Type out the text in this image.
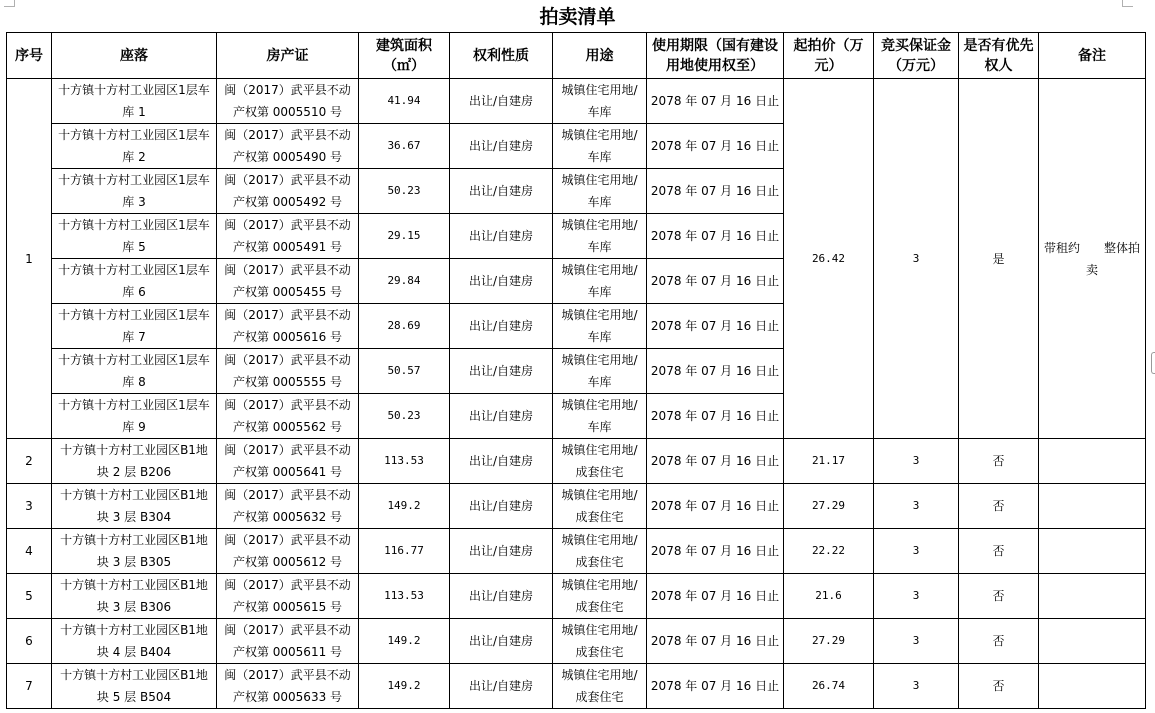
拍卖清单
序号	座落	房产证	建筑面积（㎡）	权利性质	用途	使用期限（国有建设用地使用权至）	起拍价（万元）	竞买保证金（万元）	是否有优先权人	备注
1	十方镇十方村工业园区1层车库 1	闽（2017）武平县不动产权第 0005510 号	41.94	出让/自建房	城镇住宅用地/车库	2078 年 07 月 16 日止	26.42	3	是	带租约　　整体拍卖
	十方镇十方村工业园区1层车库 2	闽（2017）武平县不动产权第 0005490 号	36.67	出让/自建房	城镇住宅用地/车库	2078 年 07 月 16 日止				
	十方镇十方村工业园区1层车库 3	闽（2017）武平县不动产权第 0005492 号	50.23	出让/自建房	城镇住宅用地/车库	2078 年 07 月 16 日止				
	十方镇十方村工业园区1层车库 5	闽（2017）武平县不动产权第 0005491 号	29.15	出让/自建房	城镇住宅用地/车库	2078 年 07 月 16 日止				
	十方镇十方村工业园区1层车库 6	闽（2017）武平县不动产权第 0005455 号	29.84	出让/自建房	城镇住宅用地/车库	2078 年 07 月 16 日止				
	十方镇十方村工业园区1层车库 7	闽（2017）武平县不动产权第 0005616 号	28.69	出让/自建房	城镇住宅用地/车库	2078 年 07 月 16 日止				
	十方镇十方村工业园区1层车库 8	闽（2017）武平县不动产权第 0005555 号	50.57	出让/自建房	城镇住宅用地/车库	2078 年 07 月 16 日止				
	十方镇十方村工业园区1层车库 9	闽（2017）武平县不动产权第 0005562 号	50.23	出让/自建房	城镇住宅用地/车库	2078 年 07 月 16 日止				
2	十方镇十方村工业园区B1地块 2 层 B206	闽（2017）武平县不动产权第 0005641 号	113.53	出让/自建房	城镇住宅用地/成套住宅	2078 年 07 月 16 日止	21.17	3	否	
3	十方镇十方村工业园区B1地块 3 层 B304	闽（2017）武平县不动产权第 0005632 号	149.2	出让/自建房	城镇住宅用地/成套住宅	2078 年 07 月 16 日止	27.29	3	否	
4	十方镇十方村工业园区B1地块 3 层 B305	闽（2017）武平县不动产权第 0005612 号	116.77	出让/自建房	城镇住宅用地/成套住宅	2078 年 07 月 16 日止	22.22	3	否	
5	十方镇十方村工业园区B1地块 3 层 B306	闽（2017）武平县不动产权第 0005615 号	113.53	出让/自建房	城镇住宅用地/成套住宅	2078 年 07 月 16 日止	21.6	3	否	
6	十方镇十方村工业园区B1地块 4 层 B404	闽（2017）武平县不动产权第 0005611 号	149.2	出让/自建房	城镇住宅用地/成套住宅	2078 年 07 月 16 日止	27.29	3	否	
7	十方镇十方村工业园区B1地块 5 层 B504	闽（2017）武平县不动产权第 0005633 号	149.2	出让/自建房	城镇住宅用地/成套住宅	2078 年 07 月 16 日止	26.74	3	否	
